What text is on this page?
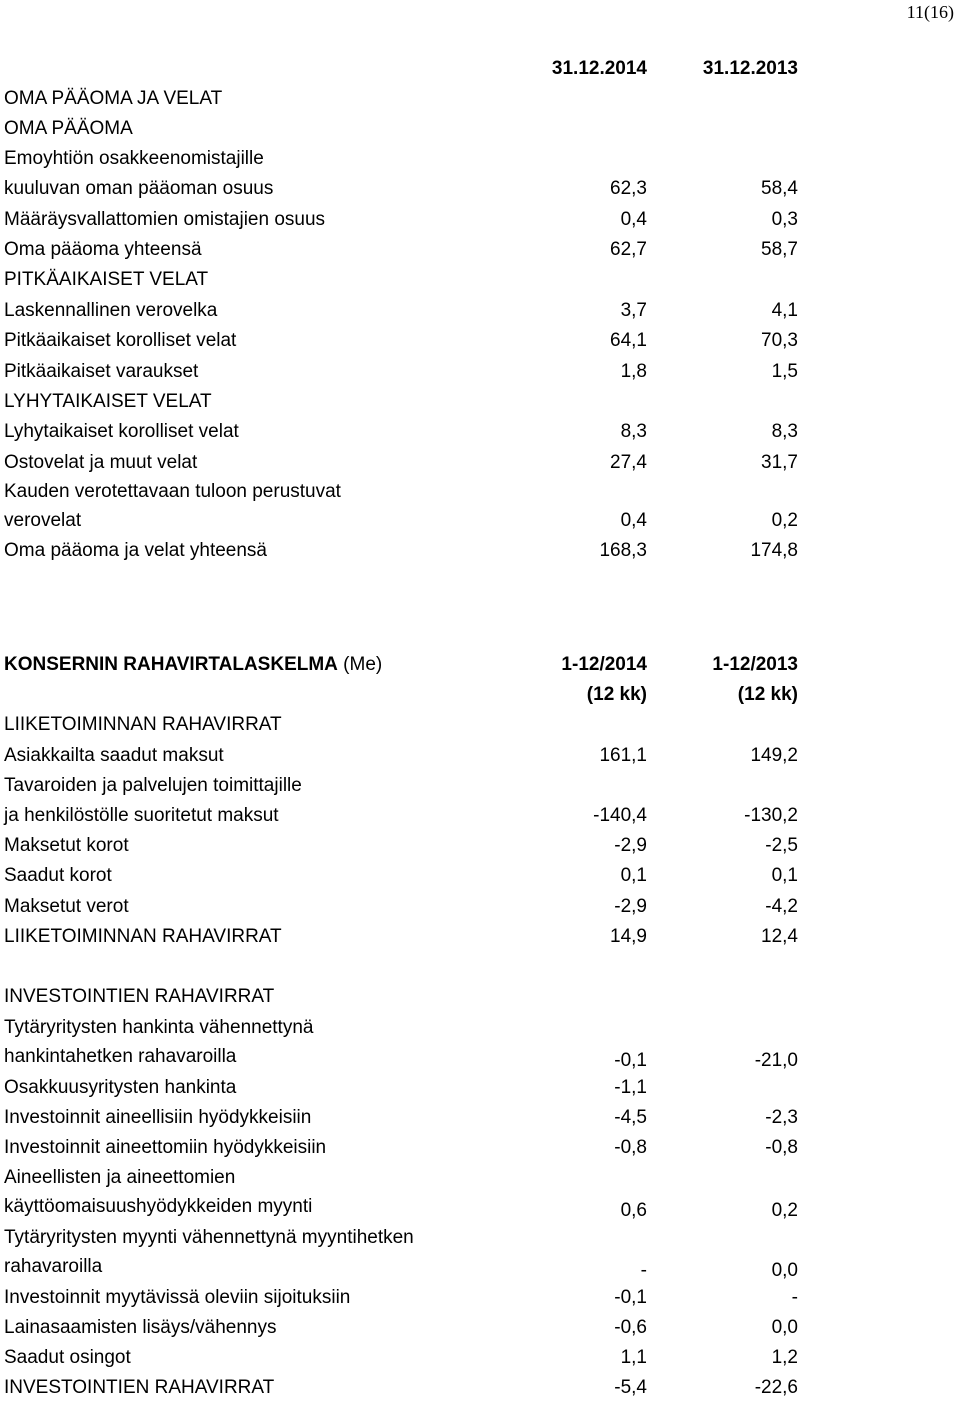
11(16)
31.12.2014	31.12.2013
OMA PÄÄOMA JA VELAT
OMA PÄÄOMA
Emoyhtiön osakkeenomistajille
kuuluvan oman pääoman osuus	62,3	58,4
Määräysvallattomien omistajien osuus	0,4	0,3
Oma pääoma yhteensä	62,7	58,7
PITKÄAIKAISET VELAT
Laskennallinen verovelka	3,7	4,1
Pitkäaikaiset korolliset velat	64,1	70,3
Pitkäaikaiset varaukset	1,8	1,5
LYHYTAIKAISET VELAT
Lyhytaikaiset korolliset velat	8,3	8,3
Ostovelat ja muut velat	27,4	31,7
Kauden verotettavaan tuloon perustuvat
verovelat	0,4	0,2
Oma pääoma ja velat yhteensä	168,3	174,8
KONSERNIN RAHAVIRTALASKELMA (Me)	1-12/2014	1-12/2013
(12 kk)	(12 kk)
LIIKETOIMINNAN RAHAVIRRAT
Asiakkailta saadut maksut	161,1	149,2
Tavaroiden ja palvelujen toimittajille
ja henkilöstölle suoritetut maksut	-140,4	-130,2
Maksetut korot	-2,9	-2,5
Saadut korot	0,1	0,1
Maksetut verot	-2,9	-4,2
LIIKETOIMINNAN RAHAVIRRAT	14,9	12,4
INVESTOINTIEN RAHAVIRRAT
Tytäryritysten hankinta vähennettynä
hankintahetken rahavaroilla	-0,1	-21,0
Osakkuusyritysten hankinta	-1,1
Investoinnit aineellisiin hyödykkeisiin	-4,5	-2,3
Investoinnit aineettomiin hyödykkeisiin	-0,8	-0,8
Aineellisten ja aineettomien
käyttöomaisuushyödykkeiden myynti	0,6	0,2
Tytäryritysten myynti vähennettynä myyntihetken
rahavaroilla	-	0,0
Investoinnit myytävissä oleviin sijoituksiin	-0,1	-
Lainasaamisten lisäys/vähennys	-0,6	0,0
Saadut osingot	1,1	1,2
INVESTOINTIEN RAHAVIRRAT	-5,4	-22,6
